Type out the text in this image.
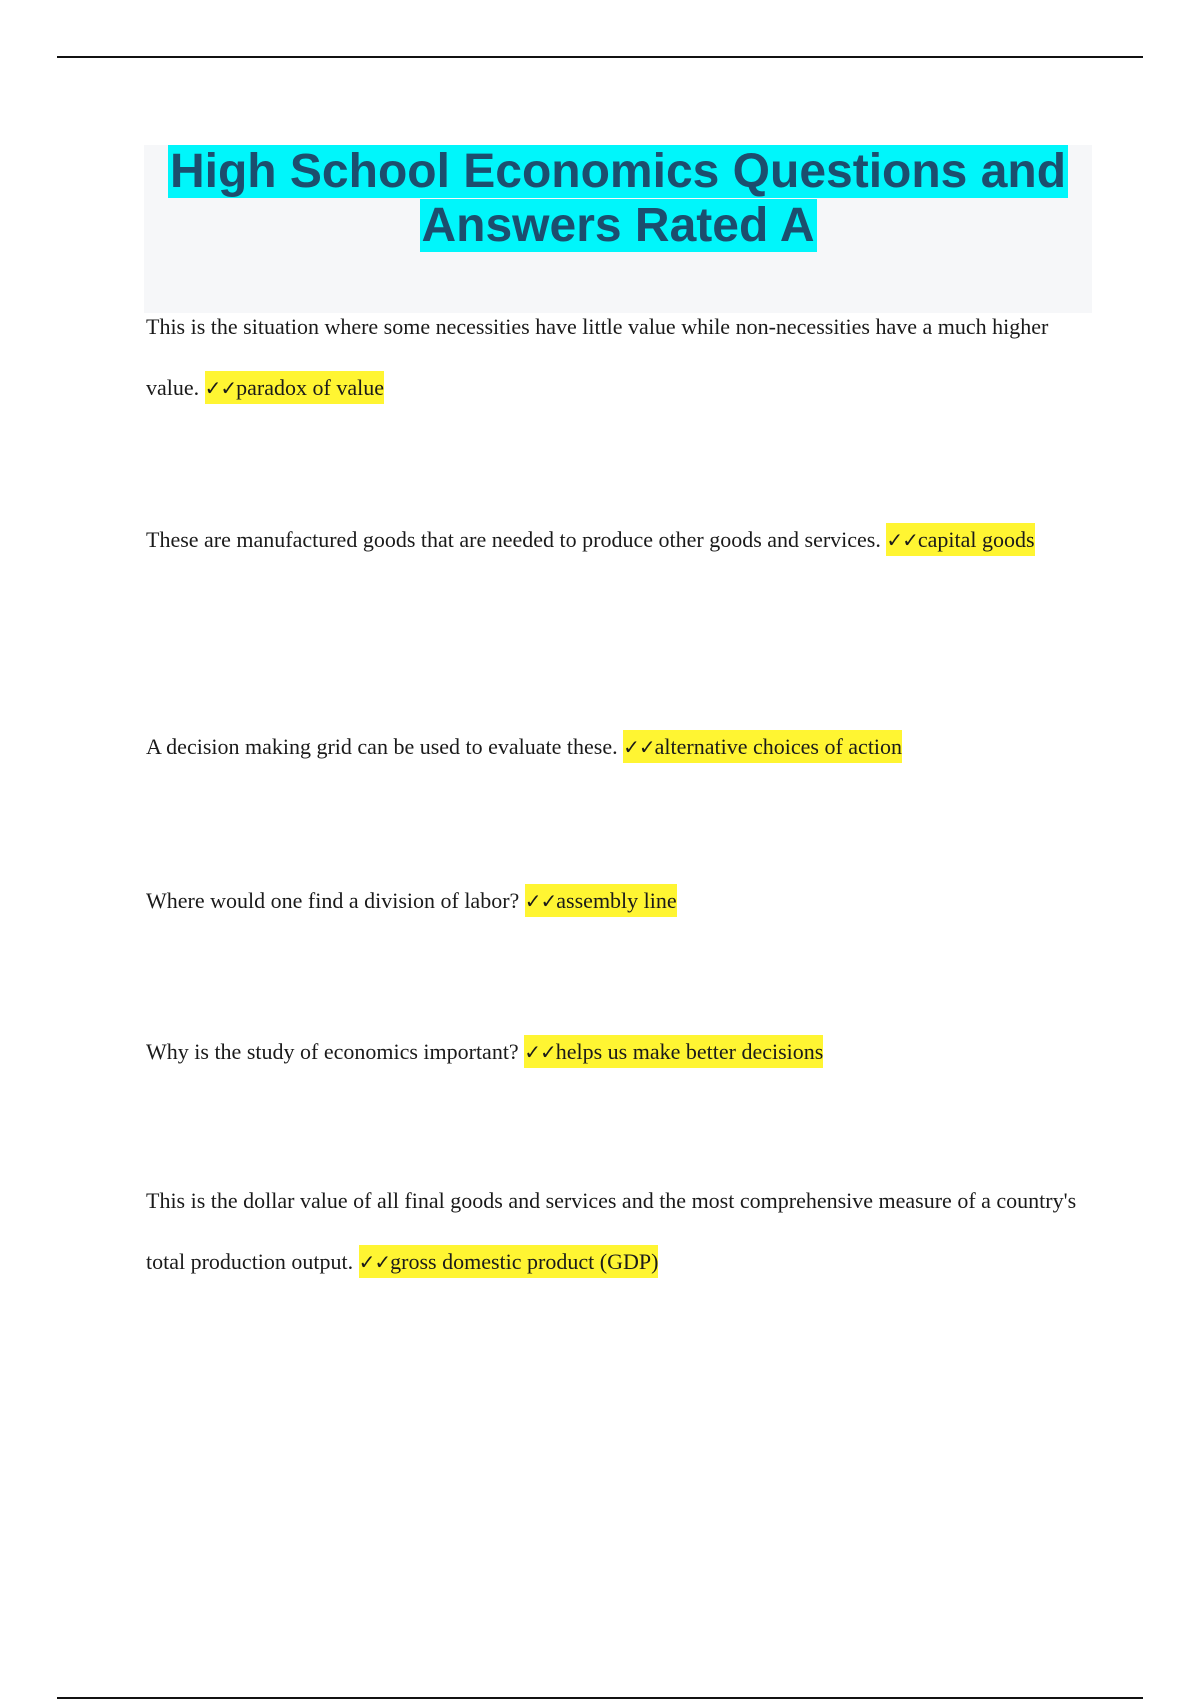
High School Economics Questions and
Answers Rated A

This is the situation where some necessities have little value while non-necessities have a much higher value. ✓✓paradox of value

These are manufactured goods that are needed to produce other goods and services. ✓✓capital goods

A decision making grid can be used to evaluate these. ✓✓alternative choices of action

Where would one find a division of labor? ✓✓assembly line

Why is the study of economics important? ✓✓helps us make better decisions

This is the dollar value of all final goods and services and the most comprehensive measure of a country's total production output. ✓✓gross domestic product (GDP)
